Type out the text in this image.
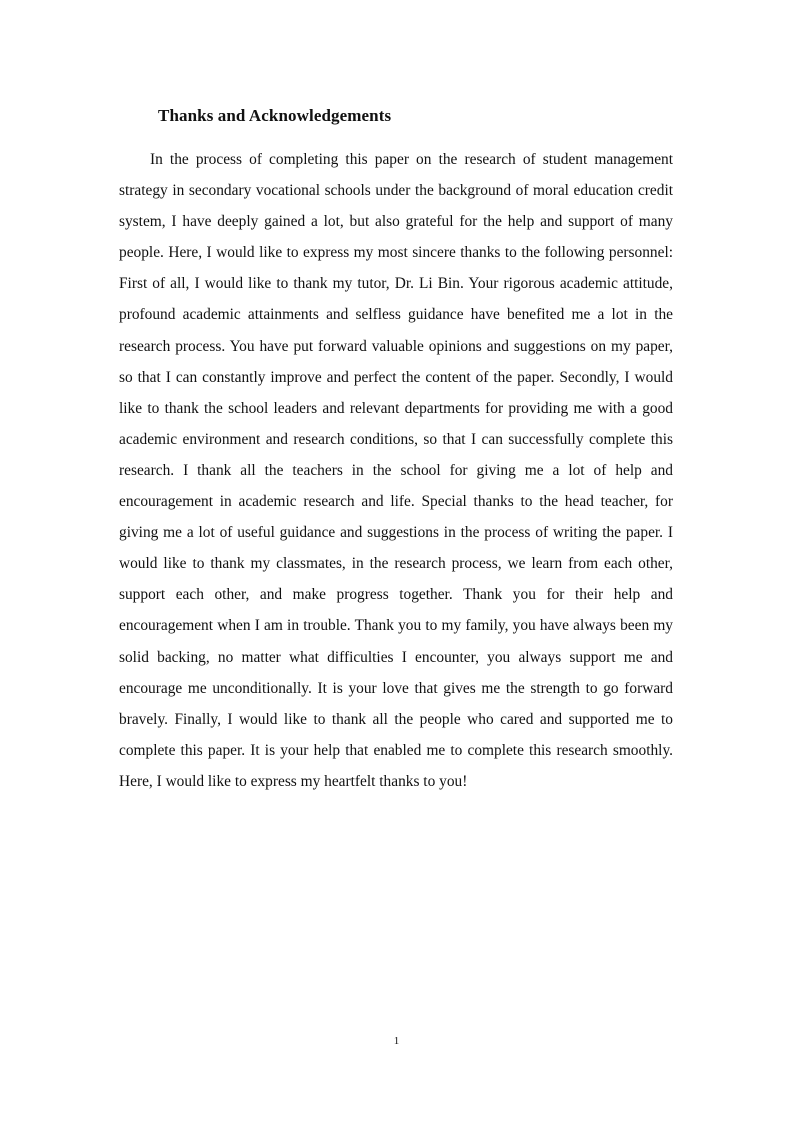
Thanks and Acknowledgements

In the process of completing this paper on the research of student management strategy in secondary vocational schools under the background of moral education credit system, I have deeply gained a lot, but also grateful for the help and support of many people. Here, I would like to express my most sincere thanks to the following personnel: First of all, I would like to thank my tutor, Dr. Li Bin. Your rigorous academic attitude, profound academic attainments and selfless guidance have benefited me a lot in the research process. You have put forward valuable opinions and suggestions on my paper, so that I can constantly improve and perfect the content of the paper. Secondly, I would like to thank the school leaders and relevant departments for providing me with a good academic environment and research conditions, so that I can successfully complete this research. I thank all the teachers in the school for giving me a lot of help and encouragement in academic research and life. Special thanks to the head teacher, for giving me a lot of useful guidance and suggestions in the process of writing the paper. I would like to thank my classmates, in the research process, we learn from each other, support each other, and make progress together. Thank you for their help and encouragement when I am in trouble. Thank you to my family, you have always been my solid backing, no matter what difficulties I encounter, you always support me and encourage me unconditionally. It is your love that gives me the strength to go forward bravely. Finally, I would like to thank all the people who cared and supported me to complete this paper. It is your help that enabled me to complete this research smoothly. Here, I would like to express my heartfelt thanks to you!

1
